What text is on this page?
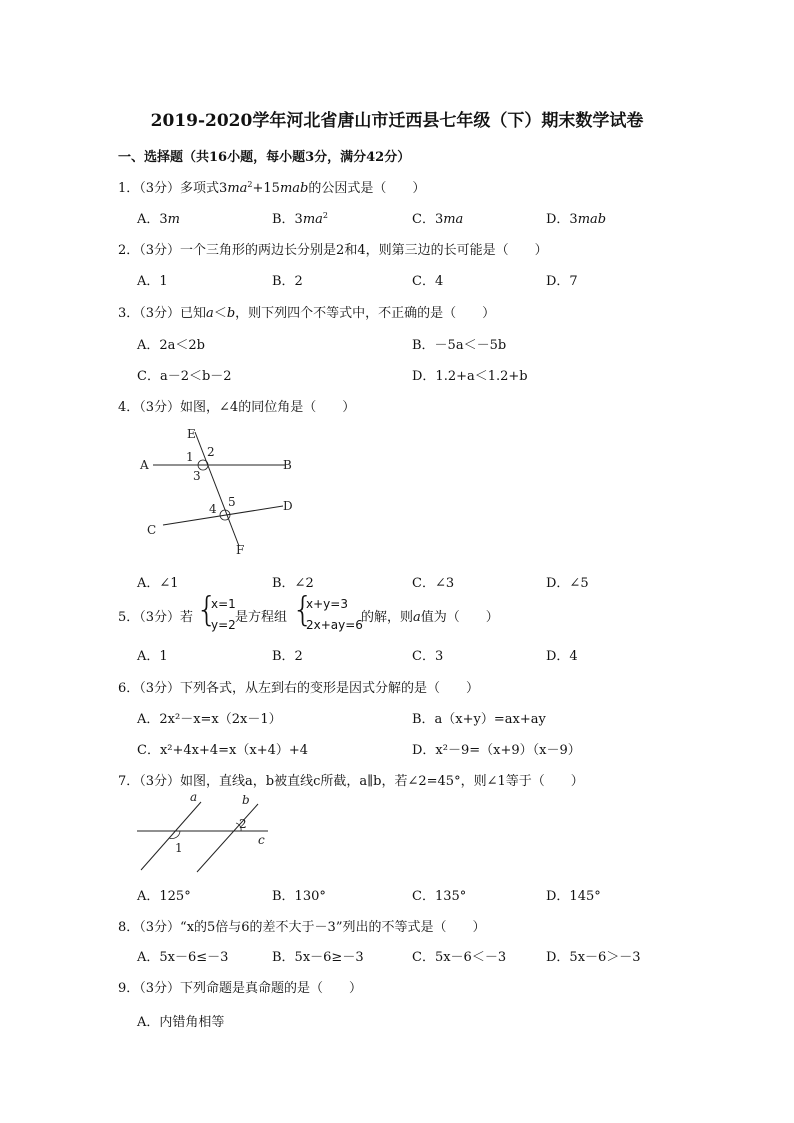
2019-2020学年河北省唐山市迁西县七年级（下）期末数学试卷
一、选择题（共16小题，每小题3分，满分42分）
1．（3分）多项式$3ma^2+15mab$的公因式是（　　）
A．3m	B．$3ma^2$	C．3ma	D．3mab
2．（3分）一个三角形的两边长分别是2和4，则第三边的长可能是（　　）
A．1	B．2	C．4	D．7
3．（3分）已知a＜b，则下列四个不等式中，不正确的是（　　）
A．2a＜2b	B．－5a＜－5b
C．a－2＜b－2	D．1.2+a＜1.2+b
4．（3分）如图，∠4的同位角是（　　）
E
A	B
C
D
F
1 2
3
4 5
A．∠1	B．∠2	C．∠3	D．∠5
5．（3分）若 {
x=1
y=2 是方程组 {
x+y=3
2x+ay=6
的解，则a值为（　　）
A．1	B．2	C．3	D．4
6．（3分）下列各式，从左到右的变形是因式分解的是（　　）
A．2x²－x=x（2x－1）	B．a（x+y）=ax+ay
C．x²+4x+4=x（x+4）+4	D．x²－9=（x+9）（x－9）
7．（3分）如图，直线a，b被直线c所截，a∥b，若∠2=45°，则∠1等于（　　）
a	b
c
1
2
A．125°	B．130°	C．135°	D．145°
8．（3分）“x的5倍与6的差不大于－3”列出的不等式是（　　）
A．5x－6≤－3	B．5x－6≥－3	C．5x－6＜－3	D．5x－6＞－3
9．（3分）下列命题是真命题的是（　　）
A．内错角相等
